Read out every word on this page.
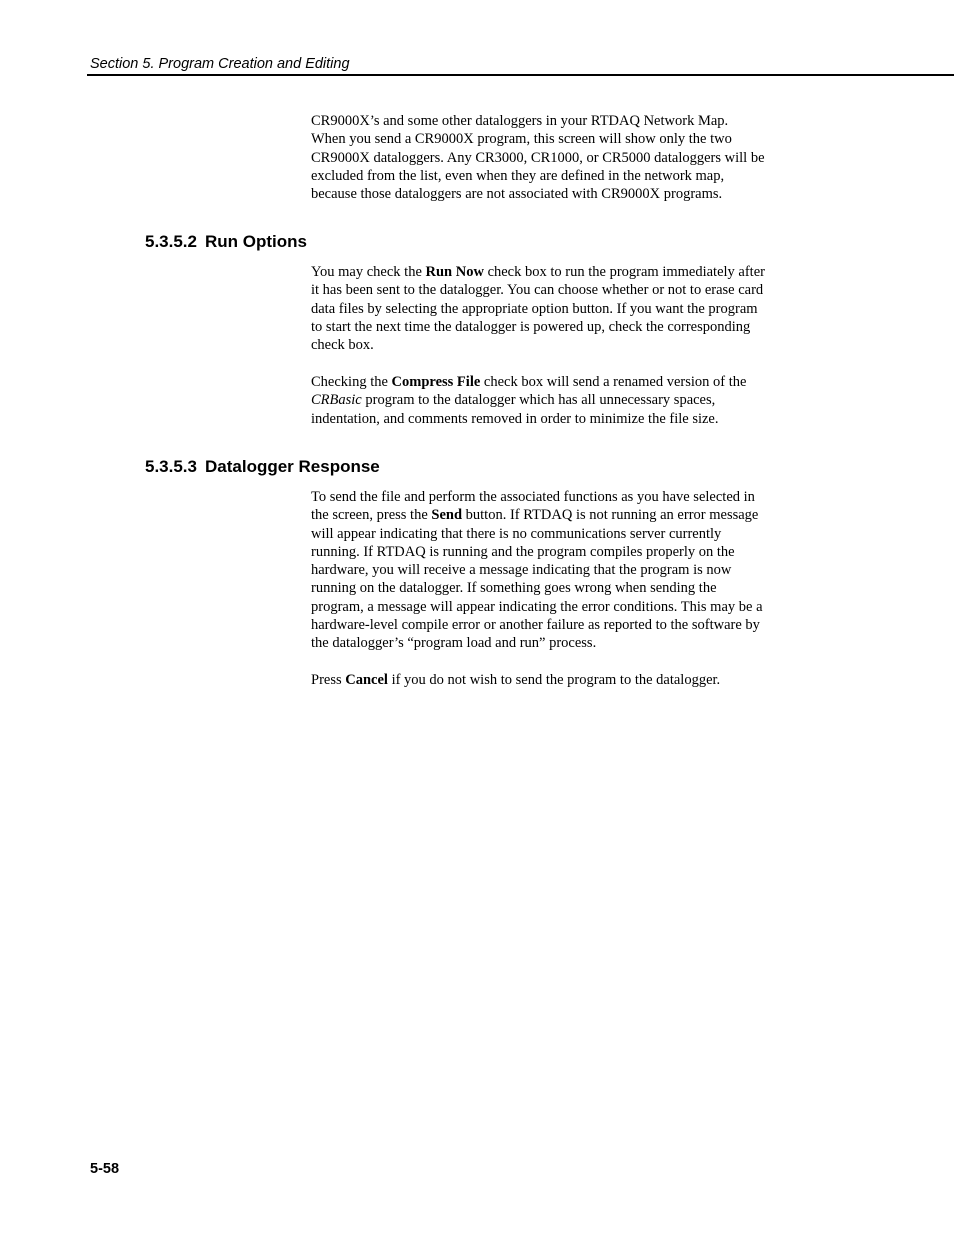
Section 5. Program Creation and Editing

CR9000X’s and some other dataloggers in your RTDAQ Network Map.
When you send a CR9000X program, this screen will show only the two
CR9000X dataloggers. Any CR3000, CR1000, or CR5000 dataloggers will be
excluded from the list, even when they are defined in the network map,
because those dataloggers are not associated with CR9000X programs.

5.3.5.2 Run Options

You may check the Run Now check box to run the program immediately after
it has been sent to the datalogger. You can choose whether or not to erase card
data files by selecting the appropriate option button. If you want the program
to start the next time the datalogger is powered up, check the corresponding
check box.

Checking the Compress File check box will send a renamed version of the
CRBasic program to the datalogger which has all unnecessary spaces,
indentation, and comments removed in order to minimize the file size.

5.3.5.3 Datalogger Response

To send the file and perform the associated functions as you have selected in
the screen, press the Send button. If RTDAQ is not running an error message
will appear indicating that there is no communications server currently
running. If RTDAQ is running and the program compiles properly on the
hardware, you will receive a message indicating that the program is now
running on the datalogger. If something goes wrong when sending the
program, a message will appear indicating the error conditions. This may be a
hardware-level compile error or another failure as reported to the software by
the datalogger’s “program load and run” process.

Press Cancel if you do not wish to send the program to the datalogger.

5-58
